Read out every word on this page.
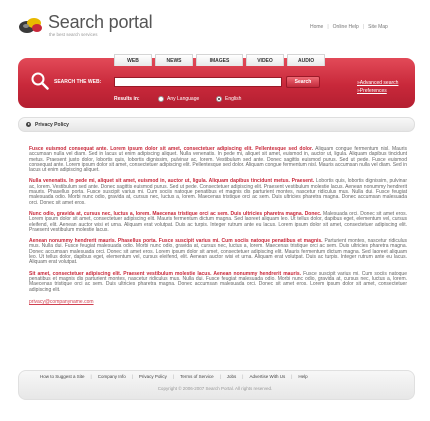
Search portal
the best search services
Home | Online Help | Site Map
WEB	NEWS	IMAGES	VIDEO	AUDIO
SEARCH THE WEB:	Search
Results in:	Any Language	English
» Advanced search
» Preferences
Privacy Policy

Fusce euismod consequat ante. Lorem ipsum dolor sit amet, consectetuer adipiscing elit. Pellentesque sed dolor. Aliquam congue fermentum nisl. Mauris accumsan nulla vel diam. Sed in lacus ut enim adipiscing aliquet. Nulla venenatis. In pede mi, aliquet sit amet, euismod in, auctor ut, ligula. Aliquam dapibus tincidunt metus. Praesent justo dolor, lobortis quis, lobortis dignissim, pulvinar ac, lorem. Vestibulum sed ante. Donec sagittis euismod purus. Sed ut pede. Fusce euismod consequat ante. Lorem ipsum dolor sit amet, consectetuer adipiscing elit. Pellentesque sed dolor. Aliquam congue fermentum nisl. Mauris accumsan nulla vel diam. Sed in lacus ut enim adipiscing aliquet.

Nulla venenatis. In pede mi, aliquet sit amet, euismod in, auctor ut, ligula. Aliquam dapibus tincidunt metus. Praesent. Lobortis quis, lobortis dignissim, pulvinar ac, lorem. Vestibulum sed ante. Donec sagittis euismod purus. Sed ut pede. Consectetuer adipiscing elit. Praesent vestibulum molestie lacus. Aenean nonummy hendrerit mauris. Phasellus porta. Fusce suscipit varius mi. Cum sociis natoque penatibus et magnis dis parturient montes, nascetur ridiculus mus. Nulla dui. Fusce feugiat malesuada odio. Morbi nunc odio, gravida at, cursus nec, luctus a, lorem. Maecenas tristique orci ac sem. Duis ultricies pharetra magna. Donec accumsan malesuada orci. Donec sit amet eros.

Nunc odio, gravida at, cursus nec, luctus a, lorem. Maecenas tristique orci ac sem. Duis ultricies pharetra magna. Donec. Malesuada orci. Donec sit amet eros. Lorem ipsum dolor sit amet, consectetuer adipiscing elit. Mauris fermentum dictum magna. Sed laoreet aliquam leo. Ut tellus dolor, dapibus eget, elementum vel, cursus eleifend, elit. Aenean auctor wisi et urna. Aliquam erat volutpat. Duis ac turpis. Integer rutrum ante eu lacus. Lorem ipsum dolor sit amet, consectetuer adipiscing elit. Praesent vestibulum molestie lacus.

Aenean nonummy hendrerit mauris. Phasellus porta. Fusce suscipit varius mi. Cum sociis natoque penatibus et magnis. Parturient montes, nascetur ridiculus mus. Nulla dui. Fusce feugiat malesuada odio. Morbi nunc odio, gravida at, cursus nec, luctus a, lorem. Maecenas tristique orci ac sem. Duis ultricies pharetra magna. Donec accumsan malesuada orci. Donec sit amet eros. Lorem ipsum dolor sit amet, consectetuer adipiscing elit. Mauris fermentum dictum magna. Sed laoreet aliquam leo. Ut tellus dolor, dapibus eget, elementum vel, cursus eleifend, elit. Aenean auctor wisi et urna. Aliquam erat volutpat. Duis ac turpis. Integer rutrum ante eu lacus. Aliquam erat volutpat.

Sit amet, consectetuer adipiscing elit. Praesent vestibulum molestie lacus. Aenean nonummy hendrerit mauris. Fusce suscipit varius mi. Cum sociis natoque penatibus et magnis dis parturient montes, nascetur ridiculus mus. Nulla dui. Fusce feugiat malesuada odio. Morbi nunc odio, gravida at, cursus nec, luctus a, lorem. Maecenas tristique orci ac sem. Duis ultricies pharetra magna. Donec accumsan malesuada orci. Donec sit amet eros. Lorem ipsum dolor sit amet, consectetuer adipiscing elit.

privacy@companyname.com
How to Suggest a Site | Company Info | Privacy Policy | Terms of Service | Jobs | Advertise With Us | Help
Copyright © 2006-2007 Search Portal. All rights reserved.
